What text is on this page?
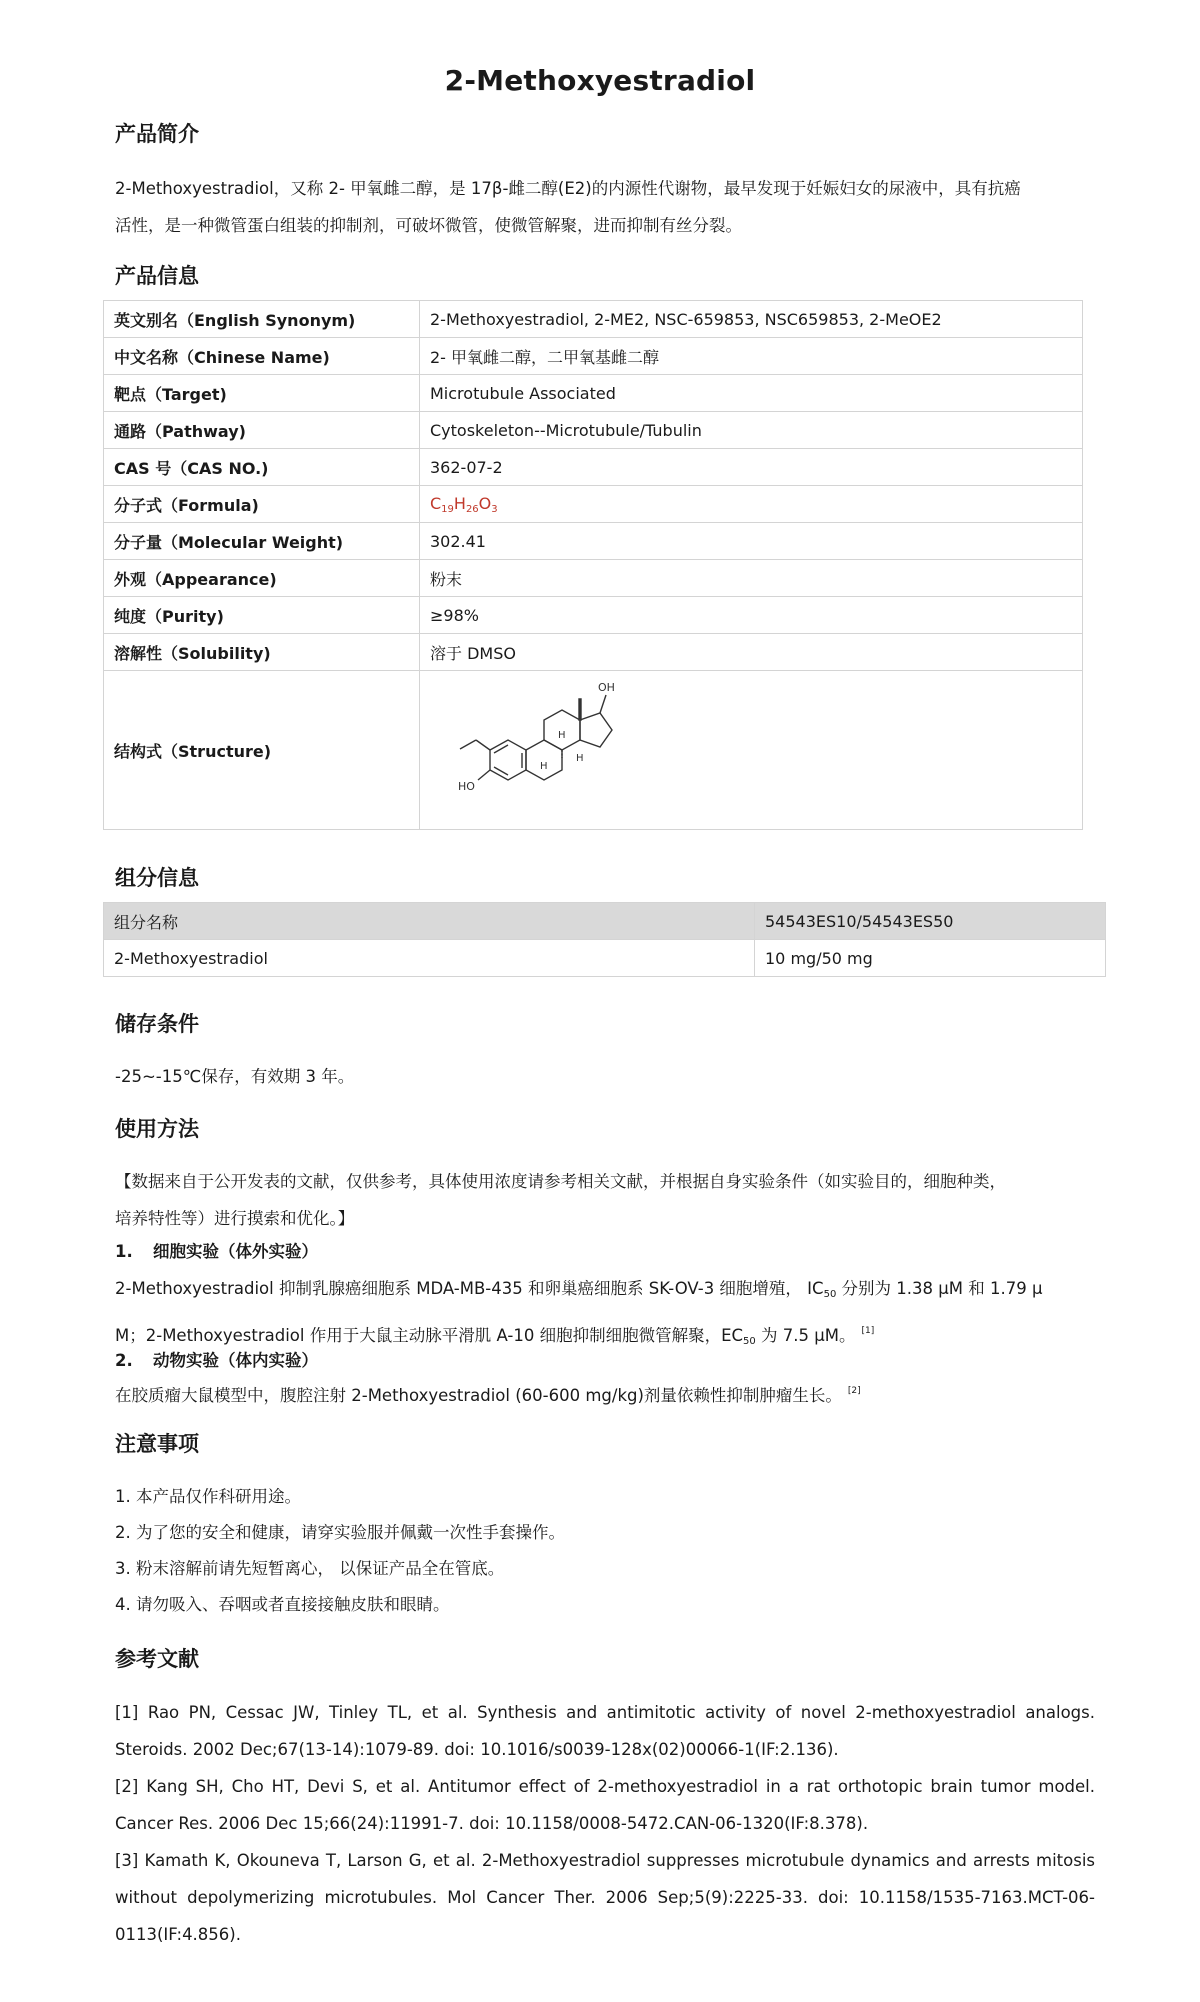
2-Methoxyestradiol
产品简介
2-Methoxyestradiol，又称 2- 甲氧雌二醇，是 17β-雌二醇(E2)的内源性代谢物，最早发现于妊娠妇女的尿液中，具有抗癌
活性，是一种微管蛋白组装的抑制剂，可破坏微管，使微管解聚，进而抑制有丝分裂。
产品信息
英文别名（English Synonym)	2-Methoxyestradiol, 2-ME2, NSC-659853, NSC659853, 2-MeOE2
中文名称（Chinese Name)	2- 甲氧雌二醇，二甲氧基雌二醇
靶点（Target)	Microtubule Associated
通路（Pathway)	Cytoskeleton--Microtubule/Tubulin
CAS 号（CAS NO.)	362-07-2
分子式（Formula)	$C_{19}H_{26}O_3$
分子量（Molecular Weight)	302.41
外观（Appearance)	粉末
纯度（Purity)	≥98%
溶解性（Solubility)	溶于 DMSO
结构式（Structure)	OH
HO
H
H
H
组分信息
组分名称	54543ES10/54543ES50
2-Methoxyestradiol	10 mg/50 mg
储存条件
-25~-15℃保存，有效期 3 年。
使用方法
【数据来自于公开发表的文献，仅供参考，具体使用浓度请参考相关文献，并根据自身实验条件（如实验目的，细胞种类，
培养特性等）进行摸索和优化。】
1. 细胞实验（体外实验）
2-Methoxyestradiol 抑制乳腺癌细胞系 MDA-MB-435 和卵巢癌细胞系 SK-OV-3 细胞增殖， $IC_{50}$ 分别为 1.38 μM 和 1.79 μ
M；2-Methoxyestradiol 作用于大鼠主动脉平滑肌 A-10 细胞抑制细胞微管解聚，$EC_{50}$ 为 7.5 μM。 [1]
2. 动物实验（体内实验）
在胶质瘤大鼠模型中，腹腔注射 2-Methoxyestradiol (60-600 mg/kg)剂量依赖性抑制肿瘤生长。 [2]
注意事项
1. 本产品仅作科研用途。
2. 为了您的安全和健康，请穿实验服并佩戴一次性手套操作。
3. 粉末溶解前请先短暂离心， 以保证产品全在管底。
4. 请勿吸入、吞咽或者直接接触皮肤和眼睛。
参考文献
[1] Rao PN, Cessac JW, Tinley TL, et al. Synthesis and antimitotic activity of novel 2-methoxyestradiol analogs. Steroids. 2002 Dec;67(13-14):1079-89. doi: 10.1016/s0039-128x(02)00066-1(IF:2.136).
[2] Kang SH, Cho HT, Devi S, et al. Antitumor effect of 2-methoxyestradiol in a rat orthotopic brain tumor model. Cancer Res. 2006 Dec 15;66(24):11991-7. doi: 10.1158/0008-5472.CAN-06-1320(IF:8.378).
[3] Kamath K, Okouneva T, Larson G, et al. 2-Methoxyestradiol suppresses microtubule dynamics and arrests mitosis without depolymerizing microtubules. Mol Cancer Ther. 2006 Sep;5(9):2225-33. doi: 10.1158/1535-7163.MCT-06-0113(IF:4.856).
